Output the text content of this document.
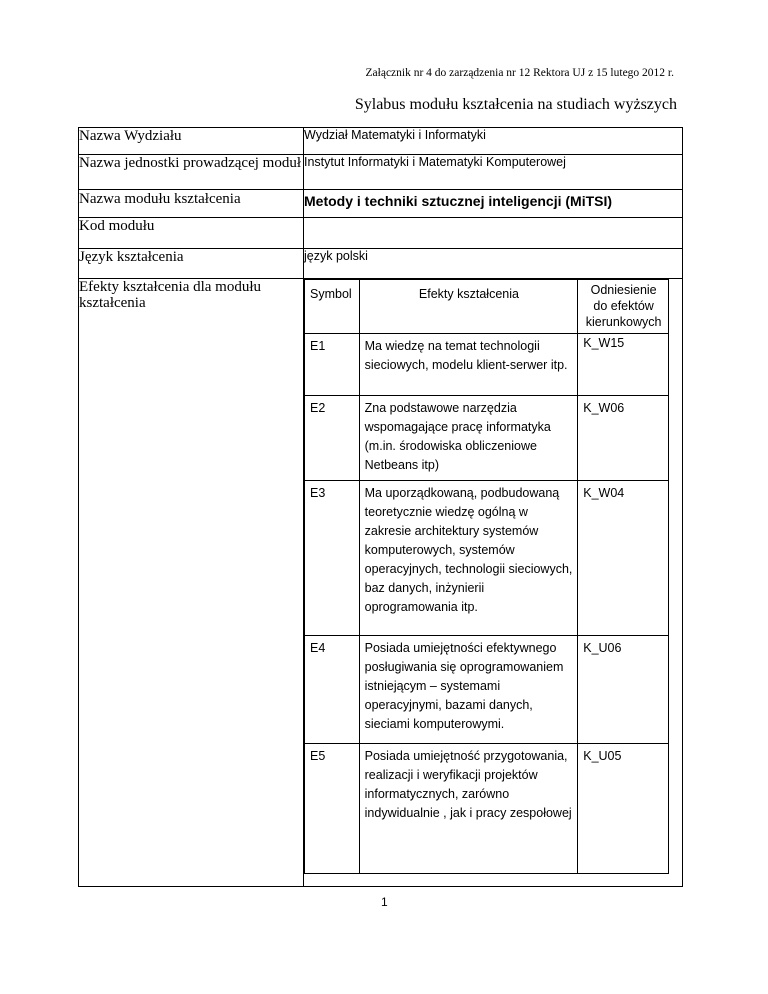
Załącznik nr 4 do zarządzenia nr 12 Rektora UJ z 15 lutego 2012 r.
Sylabus modułu kształcenia na studiach wyższych
Nazwa Wydziału	Wydział Matematyki i Informatyki
Nazwa jednostki prowadzącej moduł	Instytut Informatyki i Matematyki Komputerowej
Nazwa modułu kształcenia	Metody i techniki sztucznej inteligencji (MiTSI)
Kod modułu	
Język kształcenia	język polski
Efekty kształcenia dla modułu kształcenia	
Symbol	Efekty kształcenia	Odniesienie do efektów kierunkowych
E1	Ma wiedzę na temat technologii sieciowych, modelu klient-serwer itp.	K_W15
E2	Zna podstawowe narzędzia wspomagające pracę informatyka (m.in. środowiska obliczeniowe Netbeans itp)	K_W06
E3	Ma uporządkowaną, podbudowaną teoretycznie wiedzę ogólną w zakresie architektury systemów komputerowych, systemów operacyjnych, technologii sieciowych, baz danych, inżynierii oprogramowania itp.	K_W04
E4	Posiada umiejętności efektywnego posługiwania się oprogramowaniem istniejącym – systemami operacyjnymi, bazami danych, sieciami komputerowymi.	K_U06
E5	Posiada umiejętność przygotowania, realizacji i weryfikacji projektów informatycznych, zarówno indywidualnie , jak i pracy zespołowej	K_U05
1
